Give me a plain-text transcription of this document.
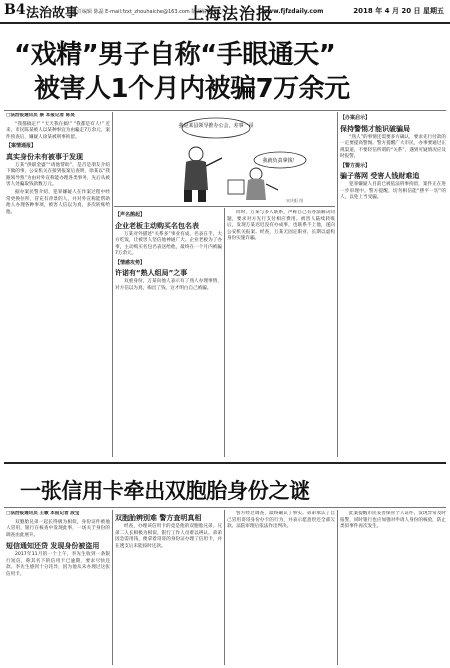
B4 法治故事
责任编辑 陈磊 E-mail:fzxt_zhouhaiche@163.com 版面编辑 张心
上海法治报
www.fjfzdaily.com	2018 年 4 月 20 日 星期五
“戏精”男子自称“手眼通天”
被害人1个月内被骗7万余元
□法治报通讯员 蔡 本报记者 陈昊

“我都搞定!” “天天我在搞!” “我都是有人!” 近来，市民陈某被人以某种事宜为由骗走7万余元。案件侦查后，嫌疑人徐某被刑事拘留。

【案情通报】
真实身份未有被事于发现

万某“供职金盛”“请他帮助”，是否是朋友介绍下做的事，公安机关在接到报案后查明，徐某以“我跟领导熟”为由对外宣称能办理各类事务，先后从被害人处骗取钱款数万元。

据办案民警介绍，犯罪嫌疑人在作案过程中经常更换住所，冒充有背景的人，并对外宣称能帮助他人办理各种事项，被害人信以为真，多次转账给他。

我是某县领导推办公会，差事一哥
我就负责拿钱！
宋庆阳 图
【声名鹊起】
企业老板主动购买名包名表

万某对外描述“关系多”事业有成，名表在手，大方吃饭，让被害人坚信他神通广大。企业老板为了办事，主动购买名包名表送给他，最终在一个月内被骗7万余元。

【情感攻势】
许诺有“熟人组局”之事

双重身份，万某向他人表示有了熟人办理事情，对方信以为真，掏出了钱，这才明白自己被骗。

同时，万某与多人联系，声称自己有办法解决问题，要求对方先行支付相应费用。被害人陆续转账后，发现万某迟迟没有办成事，也联系不上他，遂向公安机关报案。经查，万某无固定职业，长期以虚构身份实施诈骗。

【办案启示】
保持警惕才能识破骗局

“熟人”的事情还需要多方确认，要求先行付款的一定要提高警惕。警方提醒广大市民，办事要通过正规渠道，不要轻信所谓的“关系”，遇到可疑情况应及时报警。

【警方提示】
骗子落网 受害人钱财难追

犯罪嫌疑人目前已被依法刑事拘留，案件正在进一步审理中。警方提醒，切勿相信能“摆平一切”的人，以免上当受骗。

一张信用卡牵出双胞胎身份之谜
□法治报通讯员 王敏 本报记者 段宝

双胞胎兄弟一起长得极为相似，身份证件被他人冒用，银行在核查中发现此事，一场关于身份的调查由此展开。

短信通知还贷 发现身份被盗用

2017年11月的一个上午，李先生收到一条银行短信，称其名下的信用卡已逾期，要求尽快还款。李先生感到十分诧异，因为他从未办理过这张信用卡。

双胞胎辨别难 警方查明真相

经查，办理该信用卡的竟是他的双胞胎兄弟。兄弟二人长相极为相似，银行工作人员难以辨认。弟弟因急需用钱，便拿着哥哥的身份证办理了信用卡，并在透支后未能按时还款。

警方经过调查，最终确认了事实。弟弟承认了自己冒用哥哥身份办卡的行为，并表示愿意偿还全部欠款。法院审理后依法作出判决。

此案提醒市民妥善保管个人证件，发现异常及时报警，同时银行也应加强对申请人身份的核验，防止类似事件再次发生。
